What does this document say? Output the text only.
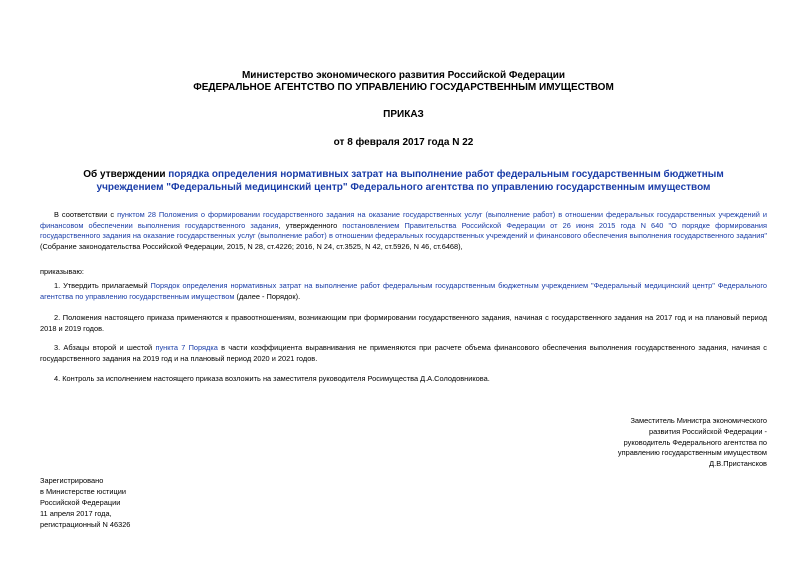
Министерство экономического развития Российской Федерации
ФЕДЕРАЛЬНОЕ АГЕНТСТВО ПО УПРАВЛЕНИЮ ГОСУДАРСТВЕННЫМ ИМУЩЕСТВОМ
ПРИКАЗ
от 8 февраля 2017 года N 22
Об утверждении порядка определения нормативных затрат на выполнение работ федеральным государственным бюджетным учреждением "Федеральный медицинский центр" Федерального агентства по управлению государственным имуществом
В соответствии с пунктом 28 Положения о формировании государственного задания на оказание государственных услуг (выполнение работ) в отношении федеральных государственных учреждений и финансовом обеспечении выполнения государственного задания, утвержденного постановлением Правительства Российской Федерации от 26 июня 2015 года N 640 "О порядке формирования государственного задания на оказание государственных услуг (выполнение работ) в отношении федеральных государственных учреждений и финансового обеспечения выполнения государственного задания" (Собрание законодательства Российской Федерации, 2015, N 28, ст.4226; 2016, N 24, ст.3525, N 42, ст.5926, N 46, ст.6468),
приказываю:
1. Утвердить прилагаемый Порядок определения нормативных затрат на выполнение работ федеральным государственным бюджетным учреждением "Федеральный медицинский центр" Федерального агентства по управлению государственным имуществом (далее - Порядок).
2. Положения настоящего приказа применяются к правоотношениям, возникающим при формировании государственного задания, начиная с государственного задания на 2017 год и на плановый период 2018 и 2019 годов.
3. Абзацы второй и шестой пункта 7 Порядка в части коэффициента выравнивания не применяются при расчете объема финансового обеспечения выполнения государственного задания, начиная с государственного задания на 2019 год и на плановый период 2020 и 2021 годов.
4. Контроль за исполнением настоящего приказа возложить на заместителя руководителя Росимущества Д.А.Солодовникова.
Заместитель Министра экономического
развития Российской Федерации -
руководитель Федерального агентства по
управлению государственным имуществом
Д.В.Пристансков
Зарегистрировано
в Министерстве юстиции
Российской Федерации
11 апреля 2017 года,
регистрационный N 46326
